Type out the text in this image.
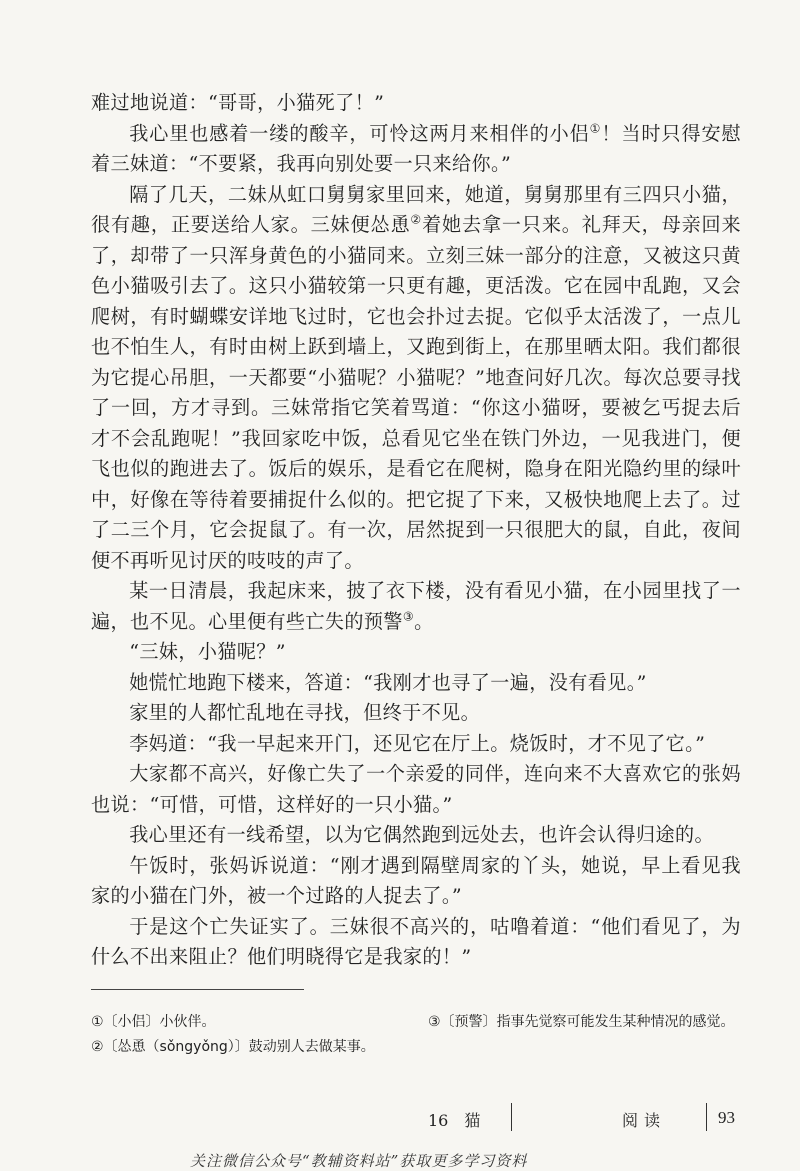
难过地说道：“哥哥，小猫死了！”

我心里也感着一缕的酸辛，可怜这两月来相伴的小侣①！当时只得安慰着三妹道：“不要紧，我再向别处要一只来给你。”

隔了几天，二妹从虹口舅舅家里回来，她道，舅舅那里有三四只小猫，很有趣，正要送给人家。三妹便怂恿②着她去拿一只来。礼拜天，母亲回来了，却带了一只浑身黄色的小猫同来。立刻三妹一部分的注意，又被这只黄色小猫吸引去了。这只小猫较第一只更有趣，更活泼。它在园中乱跑，又会爬树，有时蝴蝶安详地飞过时，它也会扑过去捉。它似乎太活泼了，一点儿也不怕生人，有时由树上跃到墙上，又跑到街上，在那里晒太阳。我们都很为它提心吊胆，一天都要“小猫呢？小猫呢？”地查问好几次。每次总要寻找了一回，方才寻到。三妹常指它笑着骂道：“你这小猫呀，要被乞丐捉去后才不会乱跑呢！”我回家吃中饭，总看见它坐在铁门外边，一见我进门，便飞也似的跑进去了。饭后的娱乐，是看它在爬树，隐身在阳光隐约里的绿叶中，好像在等待着要捕捉什么似的。把它捉了下来，又极快地爬上去了。过了二三个月，它会捉鼠了。有一次，居然捉到一只很肥大的鼠，自此，夜间便不再听见讨厌的吱吱的声了。

某一日清晨，我起床来，披了衣下楼，没有看见小猫，在小园里找了一遍，也不见。心里便有些亡失的预警③。

“三妹，小猫呢？”

她慌忙地跑下楼来，答道：“我刚才也寻了一遍，没有看见。”

家里的人都忙乱地在寻找，但终于不见。

李妈道：“我一早起来开门，还见它在厅上。烧饭时，才不见了它。”

大家都不高兴，好像亡失了一个亲爱的同伴，连向来不大喜欢它的张妈也说：“可惜，可惜，这样好的一只小猫。”

我心里还有一线希望，以为它偶然跑到远处去，也许会认得归途的。

午饭时，张妈诉说道：“刚才遇到隔壁周家的丫头，她说，早上看见我家的小猫在门外，被一个过路的人捉去了。”

于是这个亡失证实了。三妹很不高兴的，咕噜着道：“他们看见了，为什么不出来阻止？他们明晓得它是我家的！”

①〔小侣〕小伙伴。
②〔怂恿（sǒngyǒng）〕鼓动别人去做某事。
③〔预警〕指事先觉察可能发生某种情况的感觉。
16　猫	阅读	93
关注微信公众号“教辅资料站”获取更多学习资料
